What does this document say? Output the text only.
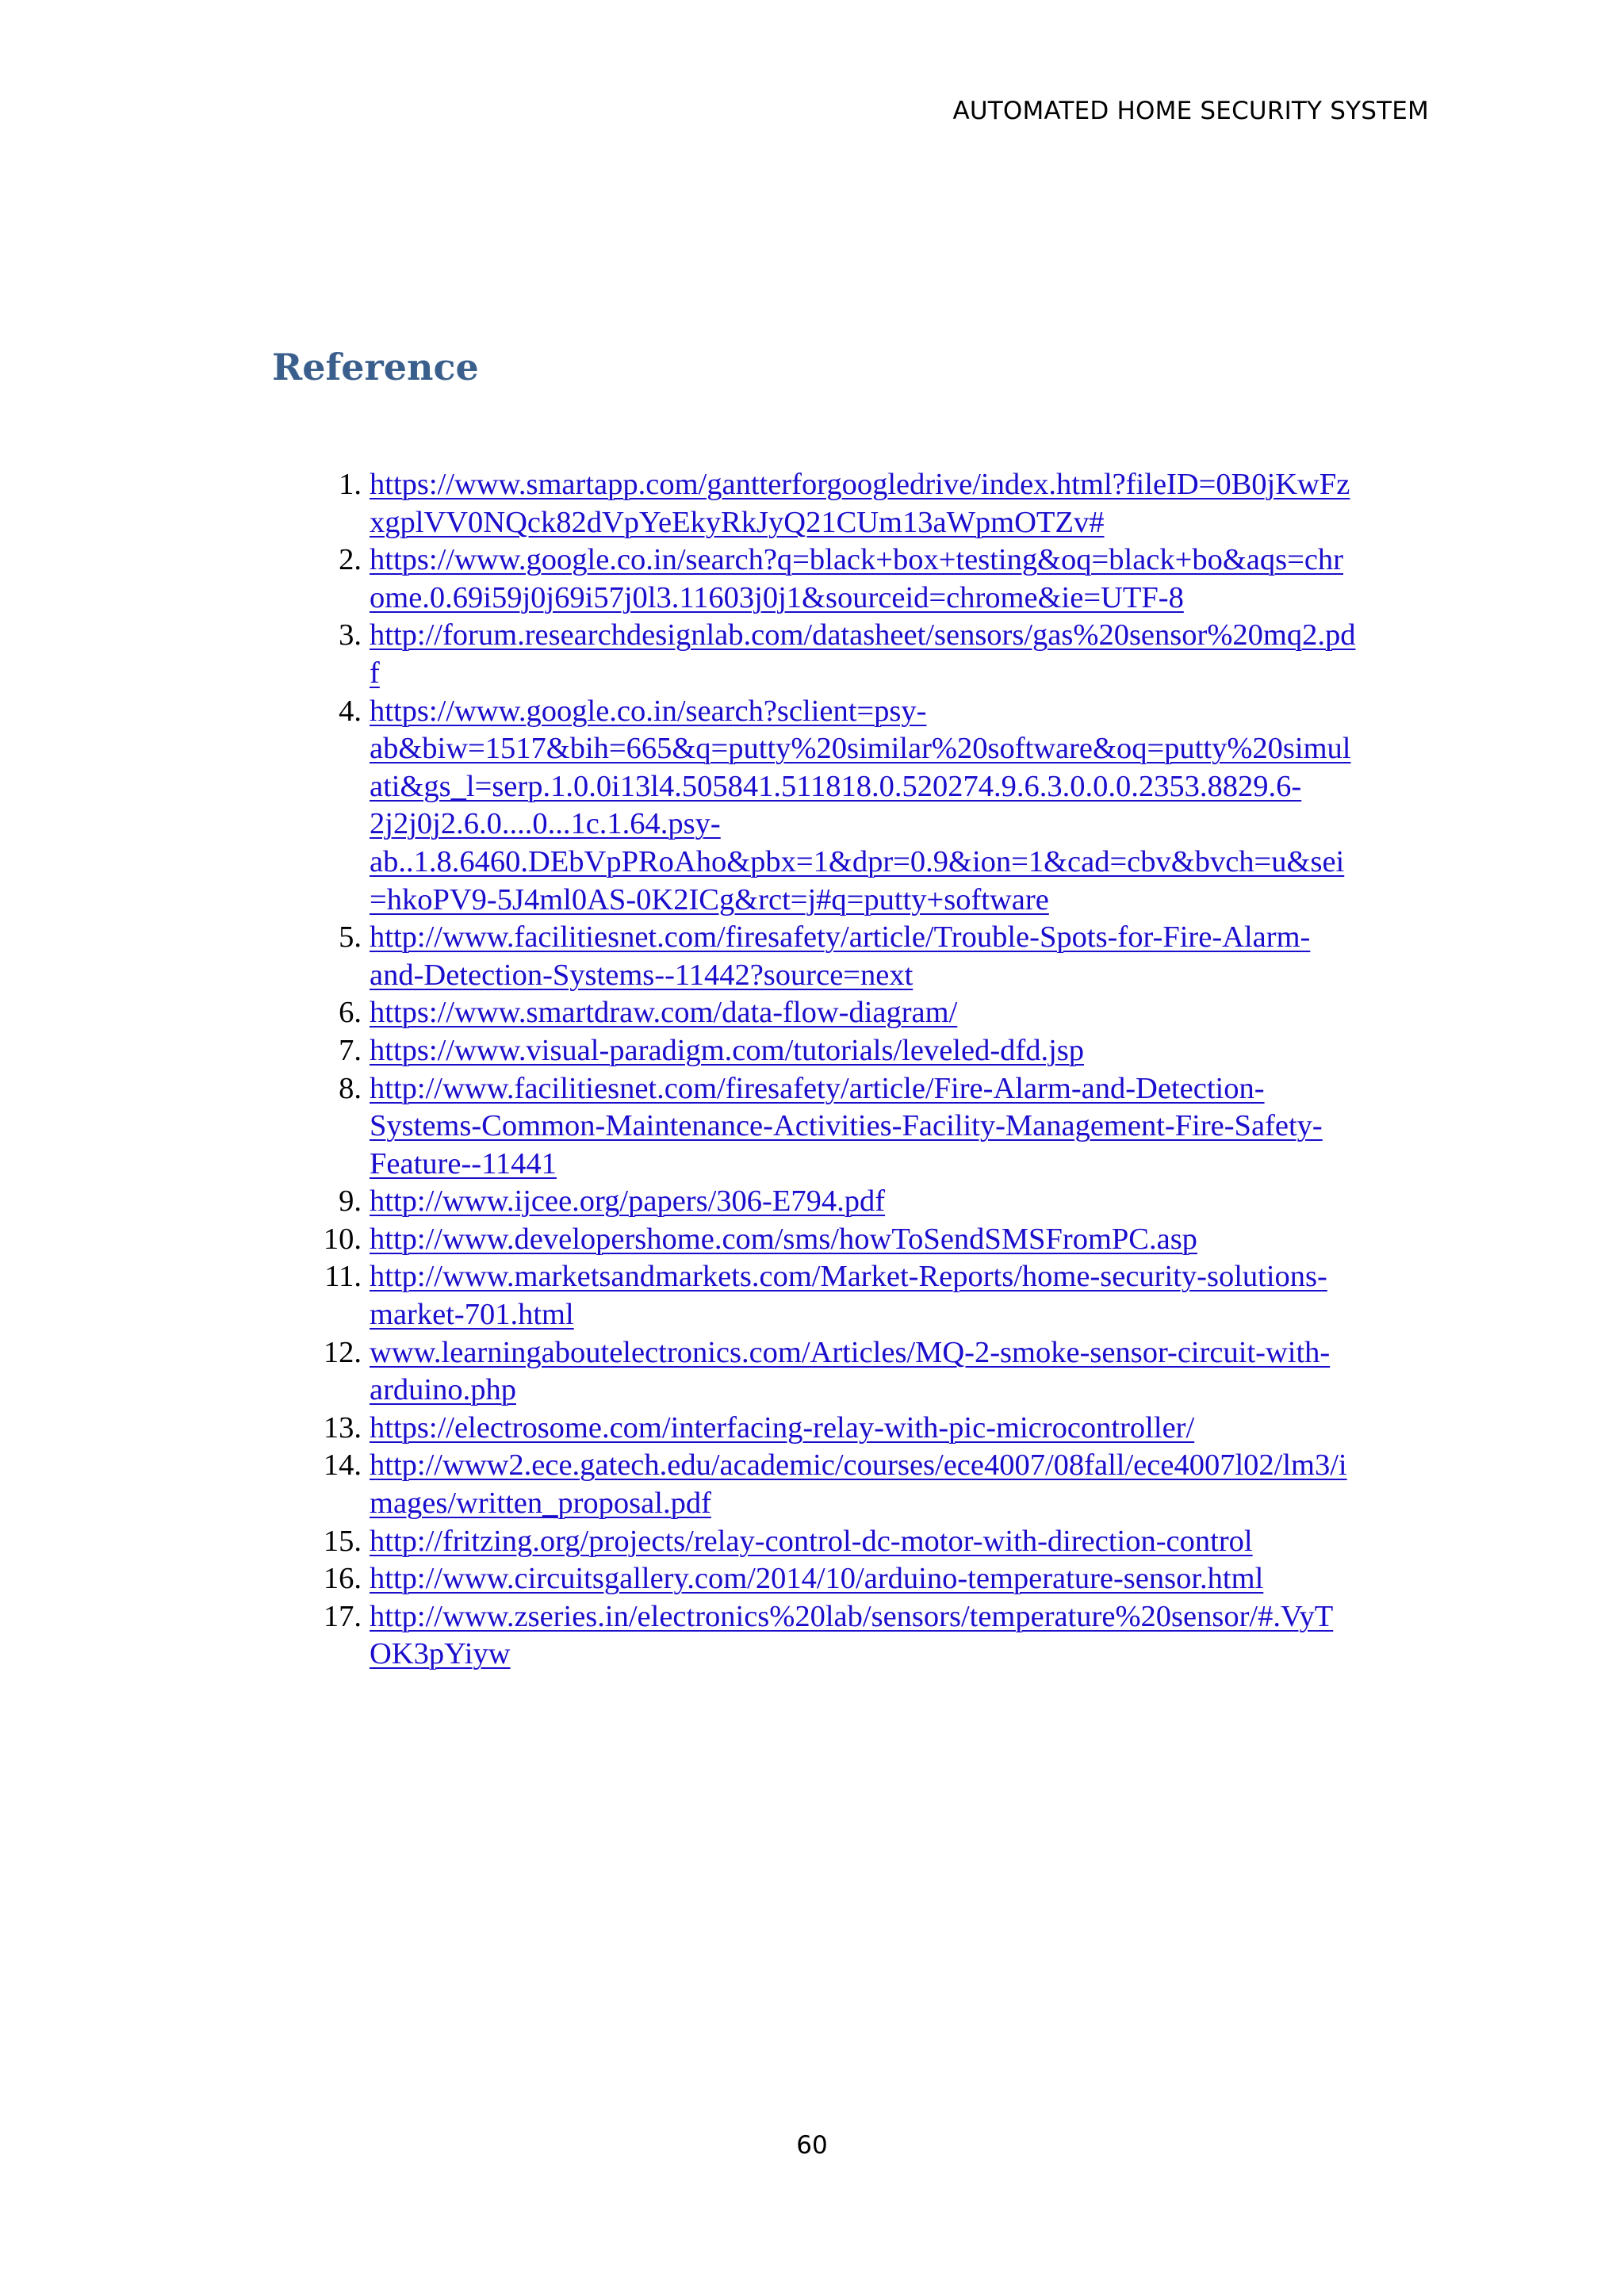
AUTOMATED HOME SECURITY SYSTEM
Reference
1. https://www.smartapp.com/gantterforgoogledrive/index.html?fileID=0B0jKwFz
xgplVV0NQck82dVpYeEkyRkJyQ21CUm13aWpmOTZv#
2. https://www.google.co.in/search?q=black+box+testing&oq=black+bo&aqs=chr
ome.0.69i59j0j69i57j0l3.11603j0j1&sourceid=chrome&ie=UTF-8
3. http://forum.researchdesignlab.com/datasheet/sensors/gas%20sensor%20mq2.pd
f
4. https://www.google.co.in/search?sclient=psy-
ab&biw=1517&bih=665&q=putty%20similar%20software&oq=putty%20simul
ati&gs_l=serp.1.0.0i13l4.505841.511818.0.520274.9.6.3.0.0.0.2353.8829.6-
2j2j0j2.6.0....0...1c.1.64.psy-
ab..1.8.6460.DEbVpPRoAho&pbx=1&dpr=0.9&ion=1&cad=cbv&bvch=u&sei
=hkoPV9-5J4ml0AS-0K2ICg&rct=j#q=putty+software
5. http://www.facilitiesnet.com/firesafety/article/Trouble-Spots-for-Fire-Alarm-
and-Detection-Systems--11442?source=next
6. https://www.smartdraw.com/data-flow-diagram/
7. https://www.visual-paradigm.com/tutorials/leveled-dfd.jsp
8. http://www.facilitiesnet.com/firesafety/article/Fire-Alarm-and-Detection-
Systems-Common-Maintenance-Activities-Facility-Management-Fire-Safety-
Feature--11441
9. http://www.ijcee.org/papers/306-E794.pdf
10. http://www.developershome.com/sms/howToSendSMSFromPC.asp
11. http://www.marketsandmarkets.com/Market-Reports/home-security-solutions-
market-701.html
12. www.learningaboutelectronics.com/Articles/MQ-2-smoke-sensor-circuit-with-
arduino.php
13. https://electrosome.com/interfacing-relay-with-pic-microcontroller/
14. http://www2.ece.gatech.edu/academic/courses/ece4007/08fall/ece4007l02/lm3/i
mages/written_proposal.pdf
15. http://fritzing.org/projects/relay-control-dc-motor-with-direction-control
16. http://www.circuitsgallery.com/2014/10/arduino-temperature-sensor.html
17. http://www.zseries.in/electronics%20lab/sensors/temperature%20sensor/#.VyT
OK3pYiyw
60
